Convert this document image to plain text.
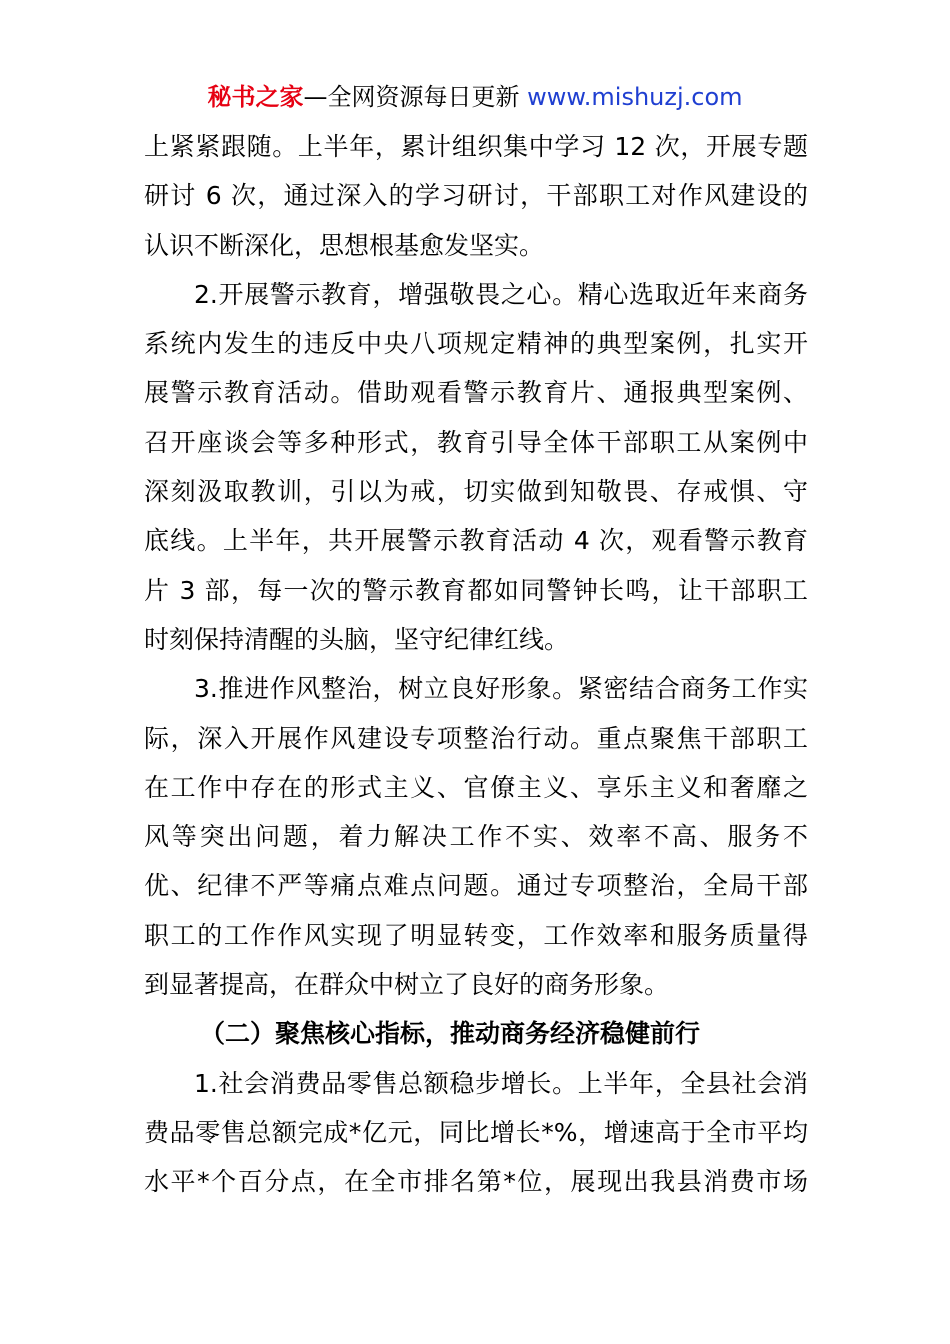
秘书之家—全网资源每日更新 www.mishuzj.com
上紧紧跟随。上半年，累计组织集中学习 12 次，开展专题
研讨 6 次，通过深入的学习研讨，干部职工对作风建设的
认识不断深化，思想根基愈发坚实。
2.开展警示教育，增强敬畏之心。精心选取近年来商务
系统内发生的违反中央八项规定精神的典型案例，扎实开
展警示教育活动。借助观看警示教育片、通报典型案例、
召开座谈会等多种形式，教育引导全体干部职工从案例中
深刻汲取教训，引以为戒，切实做到知敬畏、存戒惧、守
底线。上半年，共开展警示教育活动 4 次，观看警示教育
片 3 部，每一次的警示教育都如同警钟长鸣，让干部职工
时刻保持清醒的头脑，坚守纪律红线。
3.推进作风整治，树立良好形象。紧密结合商务工作实
际，深入开展作风建设专项整治行动。重点聚焦干部职工
在工作中存在的形式主义、官僚主义、享乐主义和奢靡之
风等突出问题，着力解决工作不实、效率不高、服务不
优、纪律不严等痛点难点问题。通过专项整治，全局干部
职工的工作作风实现了明显转变，工作效率和服务质量得
到显著提高，在群众中树立了良好的商务形象。
（二）聚焦核心指标，推动商务经济稳健前行
1.社会消费品零售总额稳步增长。上半年，全县社会消
费品零售总额完成*亿元，同比增长*%，增速高于全市平均
水平*个百分点，在全市排名第*位，展现出我县消费市场
